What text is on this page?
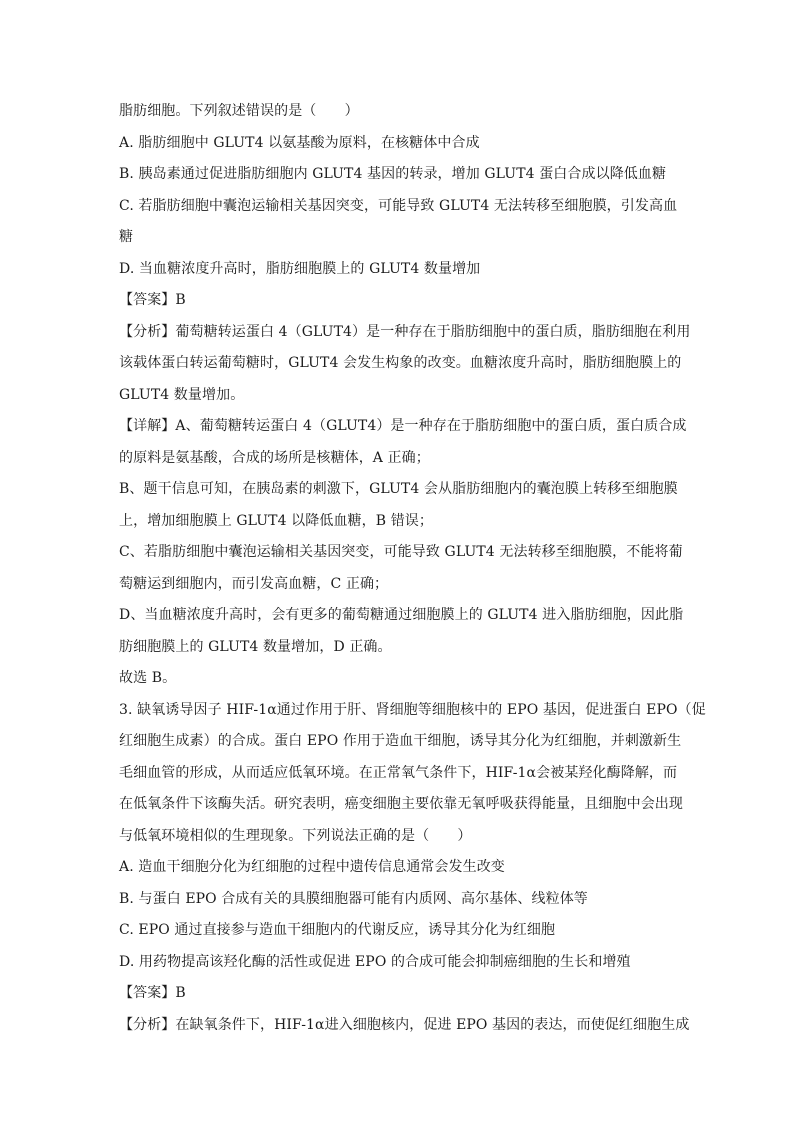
脂肪细胞。下列叙述错误的是（　　）
A. 脂肪细胞中 GLUT4 以氨基酸为原料，在核糖体中合成
B. 胰岛素通过促进脂肪细胞内 GLUT4 基因的转录，增加 GLUT4 蛋白合成以降低血糖
C. 若脂肪细胞中囊泡运输相关基因突变，可能导致 GLUT4 无法转移至细胞膜，引发高血
糖
D. 当血糖浓度升高时，脂肪细胞膜上的 GLUT4 数量增加
【答案】B
【分析】葡萄糖转运蛋白 4（GLUT4）是一种存在于脂肪细胞中的蛋白质，脂肪细胞在利用
该载体蛋白转运葡萄糖时，GLUT4 会发生构象的改变。血糖浓度升高时，脂肪细胞膜上的
GLUT4 数量增加。
【详解】A、葡萄糖转运蛋白 4（GLUT4）是一种存在于脂肪细胞中的蛋白质，蛋白质合成
的原料是氨基酸，合成的场所是核糖体，A 正确；
B、题干信息可知，在胰岛素的刺激下，GLUT4 会从脂肪细胞内的囊泡膜上转移至细胞膜
上，增加细胞膜上 GLUT4 以降低血糖，B 错误；
C、若脂肪细胞中囊泡运输相关基因突变，可能导致 GLUT4 无法转移至细胞膜，不能将葡
萄糖运到细胞内，而引发高血糖，C 正确；
D、当血糖浓度升高时，会有更多的葡萄糖通过细胞膜上的 GLUT4 进入脂肪细胞，因此脂
肪细胞膜上的 GLUT4 数量增加，D 正确。
故选 B。
3. 缺氧诱导因子 HIF-1α通过作用于肝、肾细胞等细胞核中的 EPO 基因，促进蛋白 EPO（促
红细胞生成素）的合成。蛋白 EPO 作用于造血干细胞，诱导其分化为红细胞，并刺激新生
毛细血管的形成，从而适应低氧环境。在正常氧气条件下，HIF-1α会被某羟化酶降解，而
在低氧条件下该酶失活。研究表明，癌变细胞主要依靠无氧呼吸获得能量，且细胞中会出现
与低氧环境相似的生理现象。下列说法正确的是（　　）
A. 造血干细胞分化为红细胞的过程中遗传信息通常会发生改变
B. 与蛋白 EPO 合成有关的具膜细胞器可能有内质网、高尔基体、线粒体等
C. EPO 通过直接参与造血干细胞内的代谢反应，诱导其分化为红细胞
D. 用药物提高该羟化酶的活性或促进 EPO 的合成可能会抑制癌细胞的生长和增殖
【答案】B
【分析】在缺氧条件下，HIF-1α进入细胞核内，促进 EPO 基因的表达，而使促红细胞生成
